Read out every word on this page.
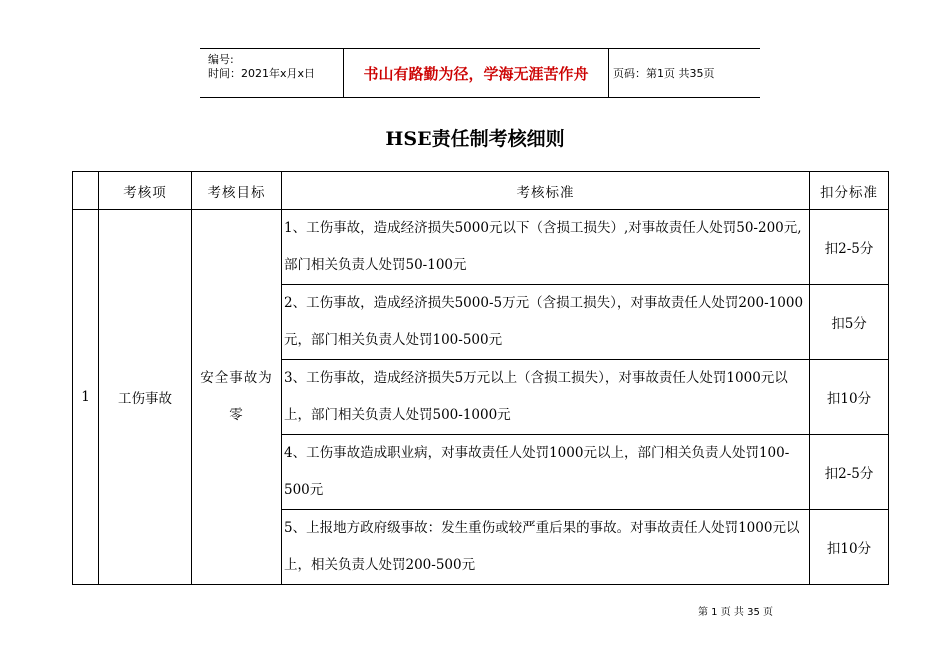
编号:
时间：2021年x月x日	书山有路勤为径，学海无涯苦作舟	页码：第1页 共35页
HSE责任制考核细则
	考核项	考核目标	考核标准	扣分标准
1	工伤事故	安全事故为零	1、工伤事故，造成经济损失5000元以下（含损工损失）,对事故责任人处罚50-200元,部门相关负责人处罚50-100元	扣2-5分
			2、工伤事故，造成经济损失5000-5万元（含损工损失），对事故责任人处罚200-1000元，部门相关负责人处罚100-500元	扣5分
			3、工伤事故，造成经济损失5万元以上（含损工损失），对事故责任人处罚1000元以上，部门相关负责人处罚500-1000元	扣10分
			4、工伤事故造成职业病，对事故责任人处罚1000元以上，部门相关负责人处罚100-500元	扣2-5分
			5、上报地方政府级事故：发生重伤或较严重后果的事故。对事故责任人处罚1000元以上，相关负责人处罚200-500元	扣10分
第 1 页 共 35 页
